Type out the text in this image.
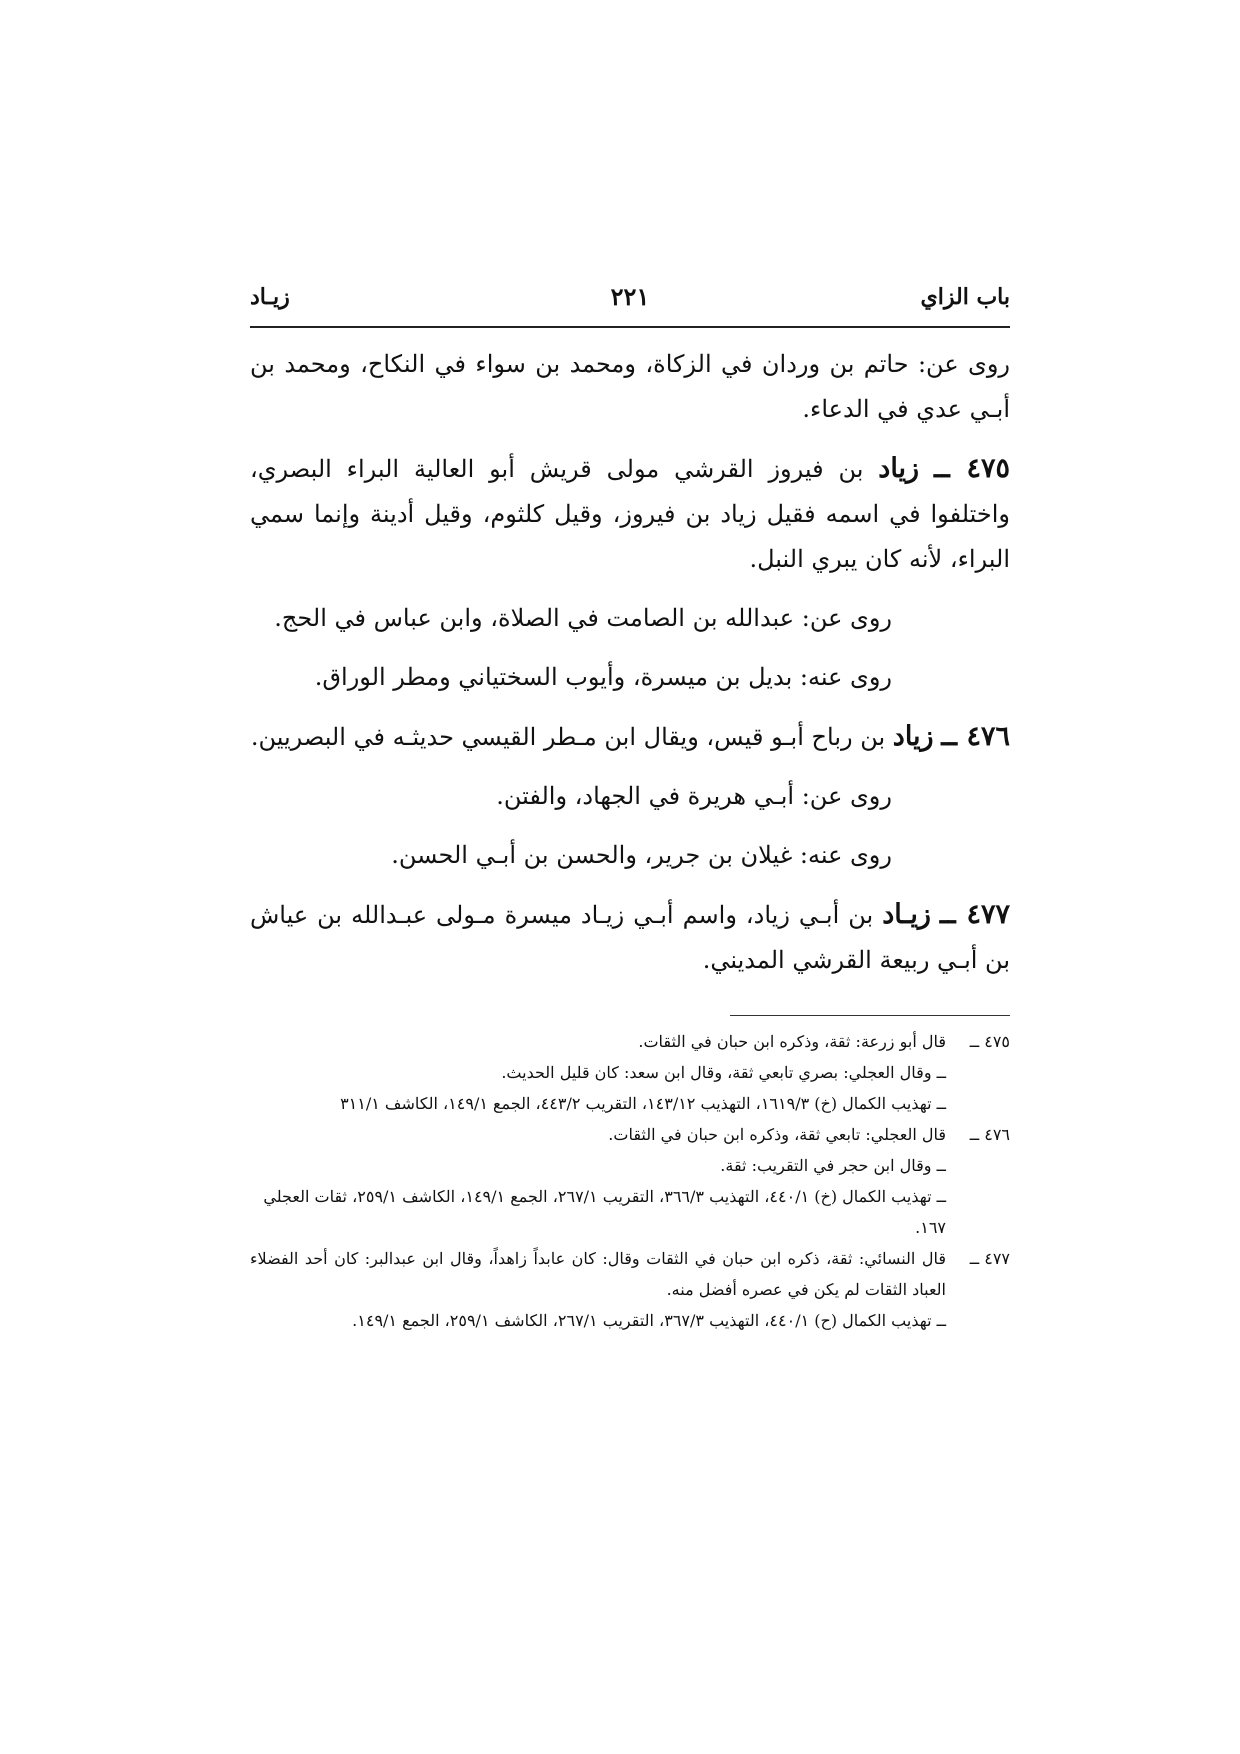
باب الزاي
٢٢١
زيـاد

روى عن: حاتم بن وردان في الزكاة، ومحمد بن سواء في النكاح، ومحمد بن أبـي عدي في الدعاء.

٤٧٥ ــ زياد بن فيروز القرشي مولى قريش أبو العالية البراء البصري، واختلفوا في اسمه فقيل زياد بن فيروز، وقيل كلثوم، وقيل أدينة وإنما سمي البراء، لأنه كان يبري النبل.

روى عن: عبدالله بن الصامت في الصلاة، وابن عباس في الحج.

روى عنه: بديل بن ميسرة، وأيوب السختياني ومطر الوراق.

٤٧٦ ــ زياد بن رباح أبـو قيس، ويقال ابن مـطر القيسي حديثـه في البصريين.

روى عن: أبـي هريرة في الجهاد، والفتن.

روى عنه: غيلان بن جرير، والحسن بن أبـي الحسن.

٤٧٧ ــ زيـاد بن أبـي زياد، واسم أبـي زيـاد ميسرة مـولى عبـدالله بن عياش بن أبـي ربيعة القرشي المديني.

٤٧٥ ــ
قال أبو زرعة: ثقة، وذكره ابن حبان في الثقات.
ــ وقال العجلي: بصري تابعي ثقة، وقال ابن سعد: كان قليل الحديث.
ــ تهذيب الكمال (خ) ١٦١٩/٣، التهذيب ١٤٣/١٢، التقريب ٤٤٣/٢، الجمع ١٤٩/١، الكاشف ٣١١/١
٤٧٦ ــ
قال العجلي: تابعي ثقة، وذكره ابن حبان في الثقات.
ــ وقال ابن حجر في التقريب: ثقة.
ــ تهذيب الكمال (خ) ٤٤٠/١، التهذيب ٣٦٦/٣، التقريب ٢٦٧/١، الجمع ١٤٩/١، الكاشف ٢٥٩/١، ثقات العجلي ١٦٧.
٤٧٧ ــ
قال النسائي: ثقة، ذكره ابن حبان في الثقات وقال: كان عابداً زاهداً، وقال ابن عبدالبر: كان أحد الفضلاء العباد الثقات لم يكن في عصره أفضل منه.
ــ تهذيب الكمال (ح) ٤٤٠/١، التهذيب ٣٦٧/٣، التقريب ٢٦٧/١، الكاشف ٢٥٩/١، الجمع ١٤٩/١.
